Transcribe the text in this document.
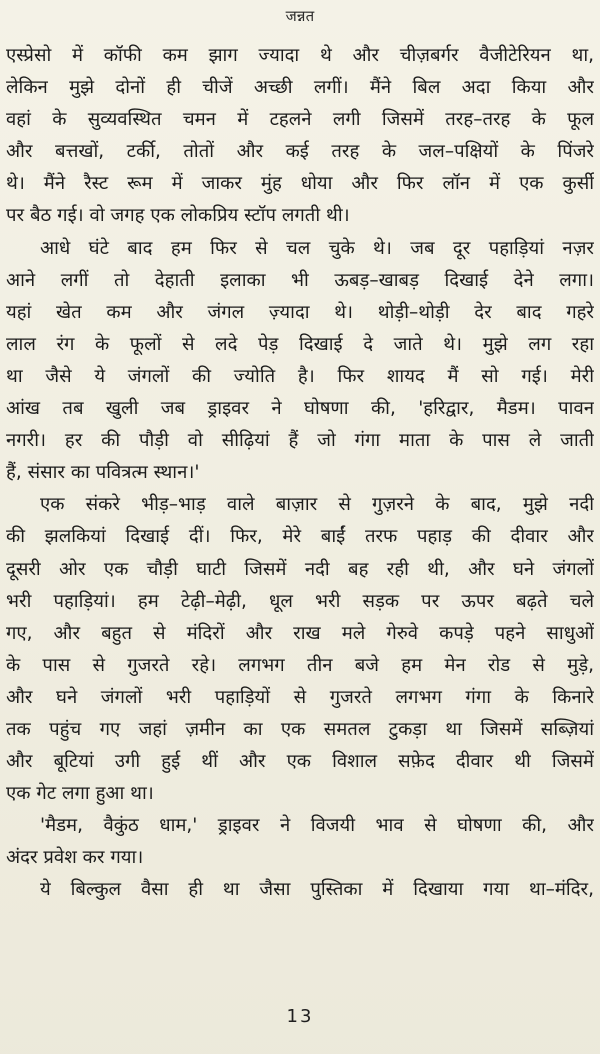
जन्नत
एस्प्रेसो में कॉफी कम झाग ज्यादा थे और चीज़बर्गर वैजीटेरियन था,
लेकिन मुझे दोनों ही चीजें अच्छी लगीं। मैंने बिल अदा किया और
वहां के सुव्यवस्थित चमन में टहलने लगी जिसमें तरह–तरह के फूल
और बत्तखों, टर्की, तोतों और कई तरह के जल–पक्षियों के पिंजरे
थे। मैंने रैस्ट रूम में जाकर मुंह धोया और फिर लॉन में एक कुर्सी
पर बैठ गई। वो जगह एक लोकप्रिय स्टॉप लगती थी।
आधे घंटे बाद हम फिर से चल चुके थे। जब दूर पहाड़ियां नज़र
आने लगीं तो देहाती इलाका भी ऊबड़–खाबड़ दिखाई देने लगा।
यहां खेत कम और जंगल ज़्यादा थे। थोड़ी–थोड़ी देर बाद गहरे
लाल रंग के फूलों से लदे पेड़ दिखाई दे जाते थे। मुझे लग रहा
था जैसे ये जंगलों की ज्योति है। फिर शायद मैं सो गई। मेरी
आंख तब खुली जब ड्राइवर ने घोषणा की, 'हरिद्वार, मैडम। पावन
नगरी। हर की पौड़ी वो सीढ़ियां हैं जो गंगा माता के पास ले जाती
हैं, संसार का पवित्रत्म स्थान।'
एक संकरे भीड़–भाड़ वाले बाज़ार से गुज़रने के बाद, मुझे नदी
की झलकियां दिखाई दीं। फिर, मेरे बाईं तरफ पहाड़ की दीवार और
दूसरी ओर एक चौड़ी घाटी जिसमें नदी बह रही थी, और घने जंगलों
भरी पहाड़ियां। हम टेढ़ी–मेढ़ी, धूल भरी सड़क पर ऊपर बढ़ते चले
गए, और बहुत से मंदिरों और राख मले गेरुवे कपड़े पहने साधुओं
के पास से गुजरते रहे। लगभग तीन बजे हम मेन रोड से मुड़े,
और घने जंगलों भरी पहाड़ियों से गुजरते लगभग गंगा के किनारे
तक पहुंच गए जहां ज़मीन का एक समतल टुकड़ा था जिसमें सब्ज़ियां
और बूटियां उगी हुई थीं और एक विशाल सफ़ेद दीवार थी जिसमें
एक गेट लगा हुआ था।
'मैडम, वैकुंठ धाम,' ड्राइवर ने विजयी भाव से घोषणा की, और
अंदर प्रवेश कर गया।
ये बिल्कुल वैसा ही था जैसा पुस्तिका में दिखाया गया था–मंदिर,
13
